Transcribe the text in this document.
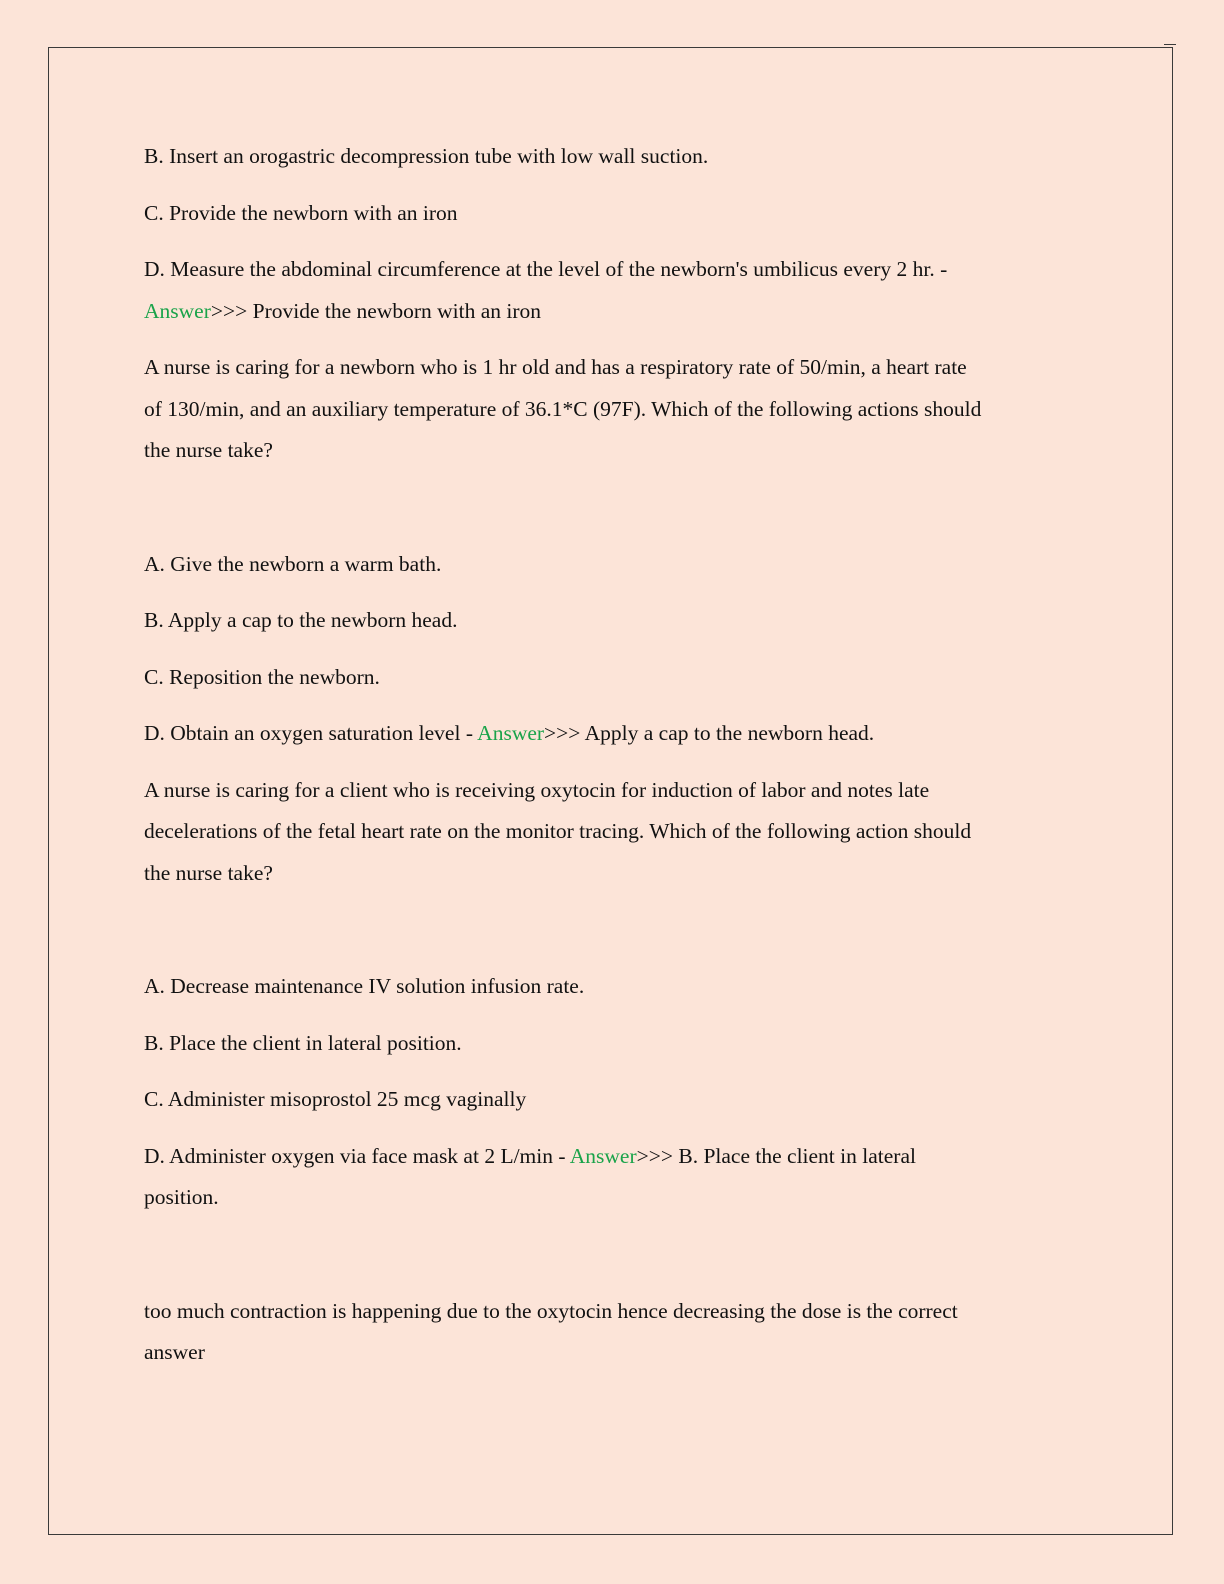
B. Insert an orogastric decompression tube with low wall suction.
C. Provide the newborn with an iron
D. Measure the abdominal circumference at the level of the newborn's umbilicus every 2 hr. -
Answer>>> Provide the newborn with an iron
A nurse is caring for a newborn who is 1 hr old and has a respiratory rate of 50/min, a heart rate
of 130/min, and an auxiliary temperature of 36.1*C (97F). Which of the following actions should
the nurse take?
A. Give the newborn a warm bath.
B. Apply a cap to the newborn head.
C. Reposition the newborn.
D. Obtain an oxygen saturation level - Answer>>> Apply a cap to the newborn head.
A nurse is caring for a client who is receiving oxytocin for induction of labor and notes late
decelerations of the fetal heart rate on the monitor tracing. Which of the following action should
the nurse take?
A. Decrease maintenance IV solution infusion rate.
B. Place the client in lateral position.
C. Administer misoprostol 25 mcg vaginally
D. Administer oxygen via face mask at 2 L/min - Answer>>> B. Place the client in lateral
position.
too much contraction is happening due to the oxytocin hence decreasing the dose is the correct
answer
